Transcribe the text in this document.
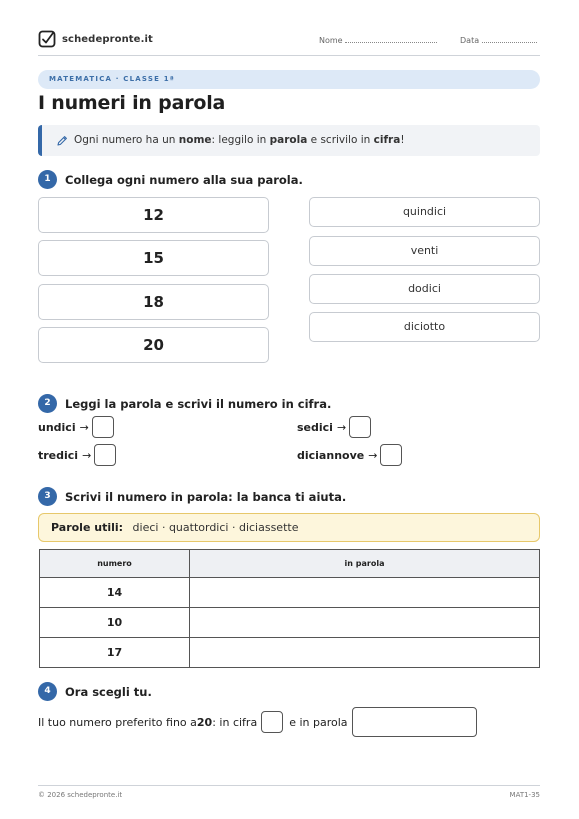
schedepronte.it	Nome	Data
MATEMATICA · CLASSE 1ª
I numeri in parola
Ogni numero ha un nome: leggilo in parola e scrivilo in cifra!
1	Collega ogni numero alla sua parola.
12
15
18
20
quindici
venti
dodici
diciotto
2	Leggi la parola e scrivi il numero in cifra.
undici →	sedici →
tredici →	diciannove →
3	Scrivi il numero in parola: la banca ti aiuta.
Parole utili: dieci · quattordici · diciassette
numero	in parola
14	
10	
17	
4	Ora scegli tu.
Il tuo numero preferito fino a 20 : in cifra	e in parola
© 2026 schedepronte.it	MAT1-35
